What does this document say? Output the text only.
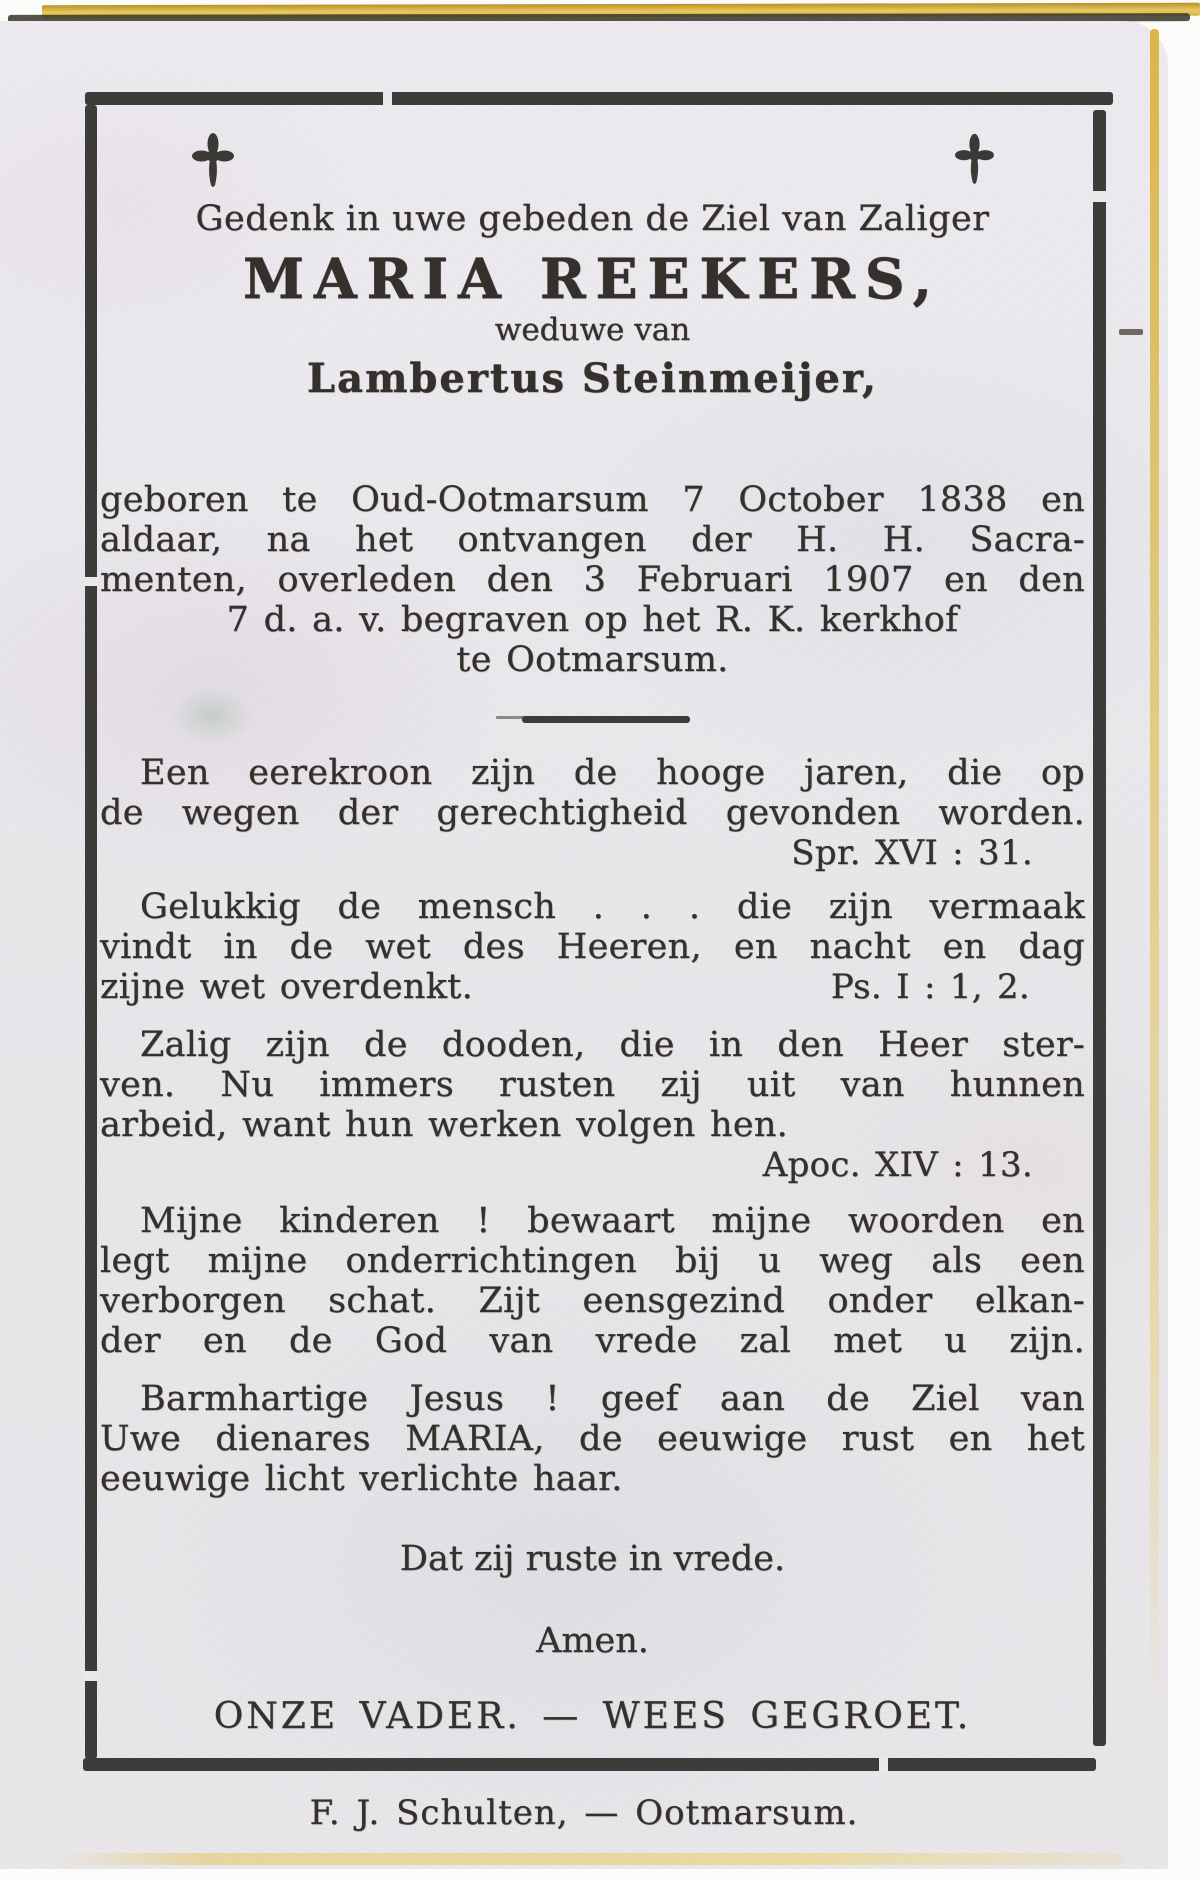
Gedenk in uwe gebeden de Ziel van Zaliger
MARIA REEKERS,
weduwe van
Lambertus Steinmeijer,
geboren te Oud-Ootmarsum 7 October 1838 en
aldaar, na het ontvangen der H. H. Sacra-
menten, overleden den 3 Februari 1907 en den
7 d. a. v. begraven op het R. K. kerkhof
te Ootmarsum.
Een eerekroon zijn de hooge jaren, die op
de wegen der gerechtigheid gevonden worden.
Spr. XVI : 31.
Gelukkig de mensch . . . die zijn vermaak
vindt in de wet des Heeren, en nacht en dag
zijne wet overdenkt.	Ps. I : 1, 2.
Zalig zijn de dooden, die in den Heer ster-
ven. Nu immers rusten zij uit van hunnen
arbeid, want hun werken volgen hen.
Apoc. XIV : 13.
Mijne kinderen ! bewaart mijne woorden en
legt mijne onderrichtingen bij u weg als een
verborgen schat. Zijt eensgezind onder elkan-
der en de God van vrede zal met u zijn.
Barmhartige Jesus ! geef aan de Ziel van
Uwe dienares MARIA, de eeuwige rust en het
eeuwige licht verlichte haar.
Dat zij ruste in vrede.
Amen.
ONZE VADER. — WEES GEGROET.
F. J. Schulten, — Ootmarsum.
